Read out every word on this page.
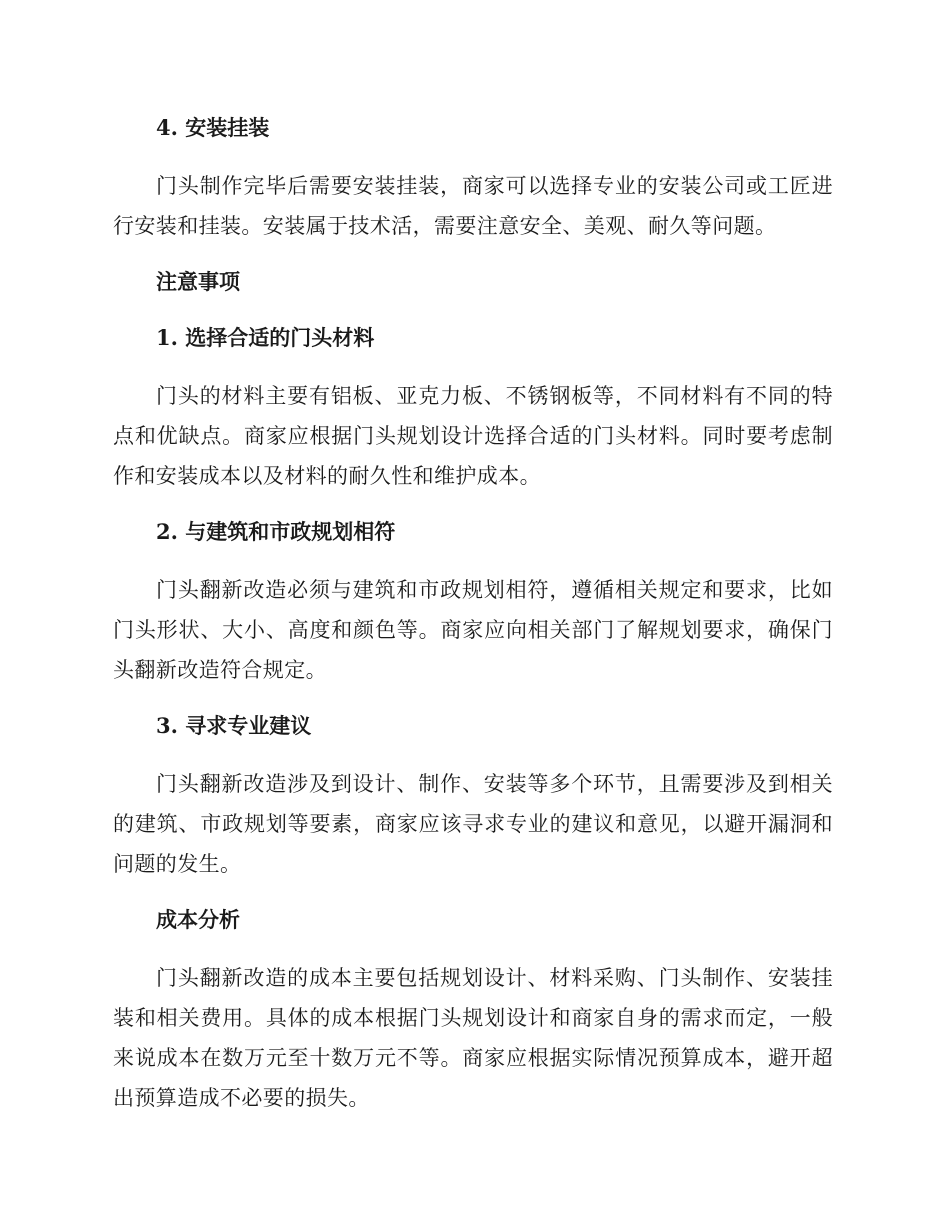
4. 安装挂装

门头制作完毕后需要安装挂装，商家可以选择专业的安装公司或工匠进行安装和挂装。安装属于技术活，需要注意安全、美观、耐久等问题。

注意事项
1. 选择合适的门头材料

门头的材料主要有铝板、亚克力板、不锈钢板等，不同材料有不同的特点和优缺点。商家应根据门头规划设计选择合适的门头材料。同时要考虑制作和安装成本以及材料的耐久性和维护成本。

2. 与建筑和市政规划相符

门头翻新改造必须与建筑和市政规划相符，遵循相关规定和要求，比如门头形状、大小、高度和颜色等。商家应向相关部门了解规划要求，确保门头翻新改造符合规定。

3. 寻求专业建议

门头翻新改造涉及到设计、制作、安装等多个环节，且需要涉及到相关的建筑、市政规划等要素，商家应该寻求专业的建议和意见，以避开漏洞和问题的发生。

成本分析

门头翻新改造的成本主要包括规划设计、材料采购、门头制作、安装挂装和相关费用。具体的成本根据门头规划设计和商家自身的需求而定，一般来说成本在数万元至十数万元不等。商家应根据实际情况预算成本，避开超出预算造成不必要的损失。
